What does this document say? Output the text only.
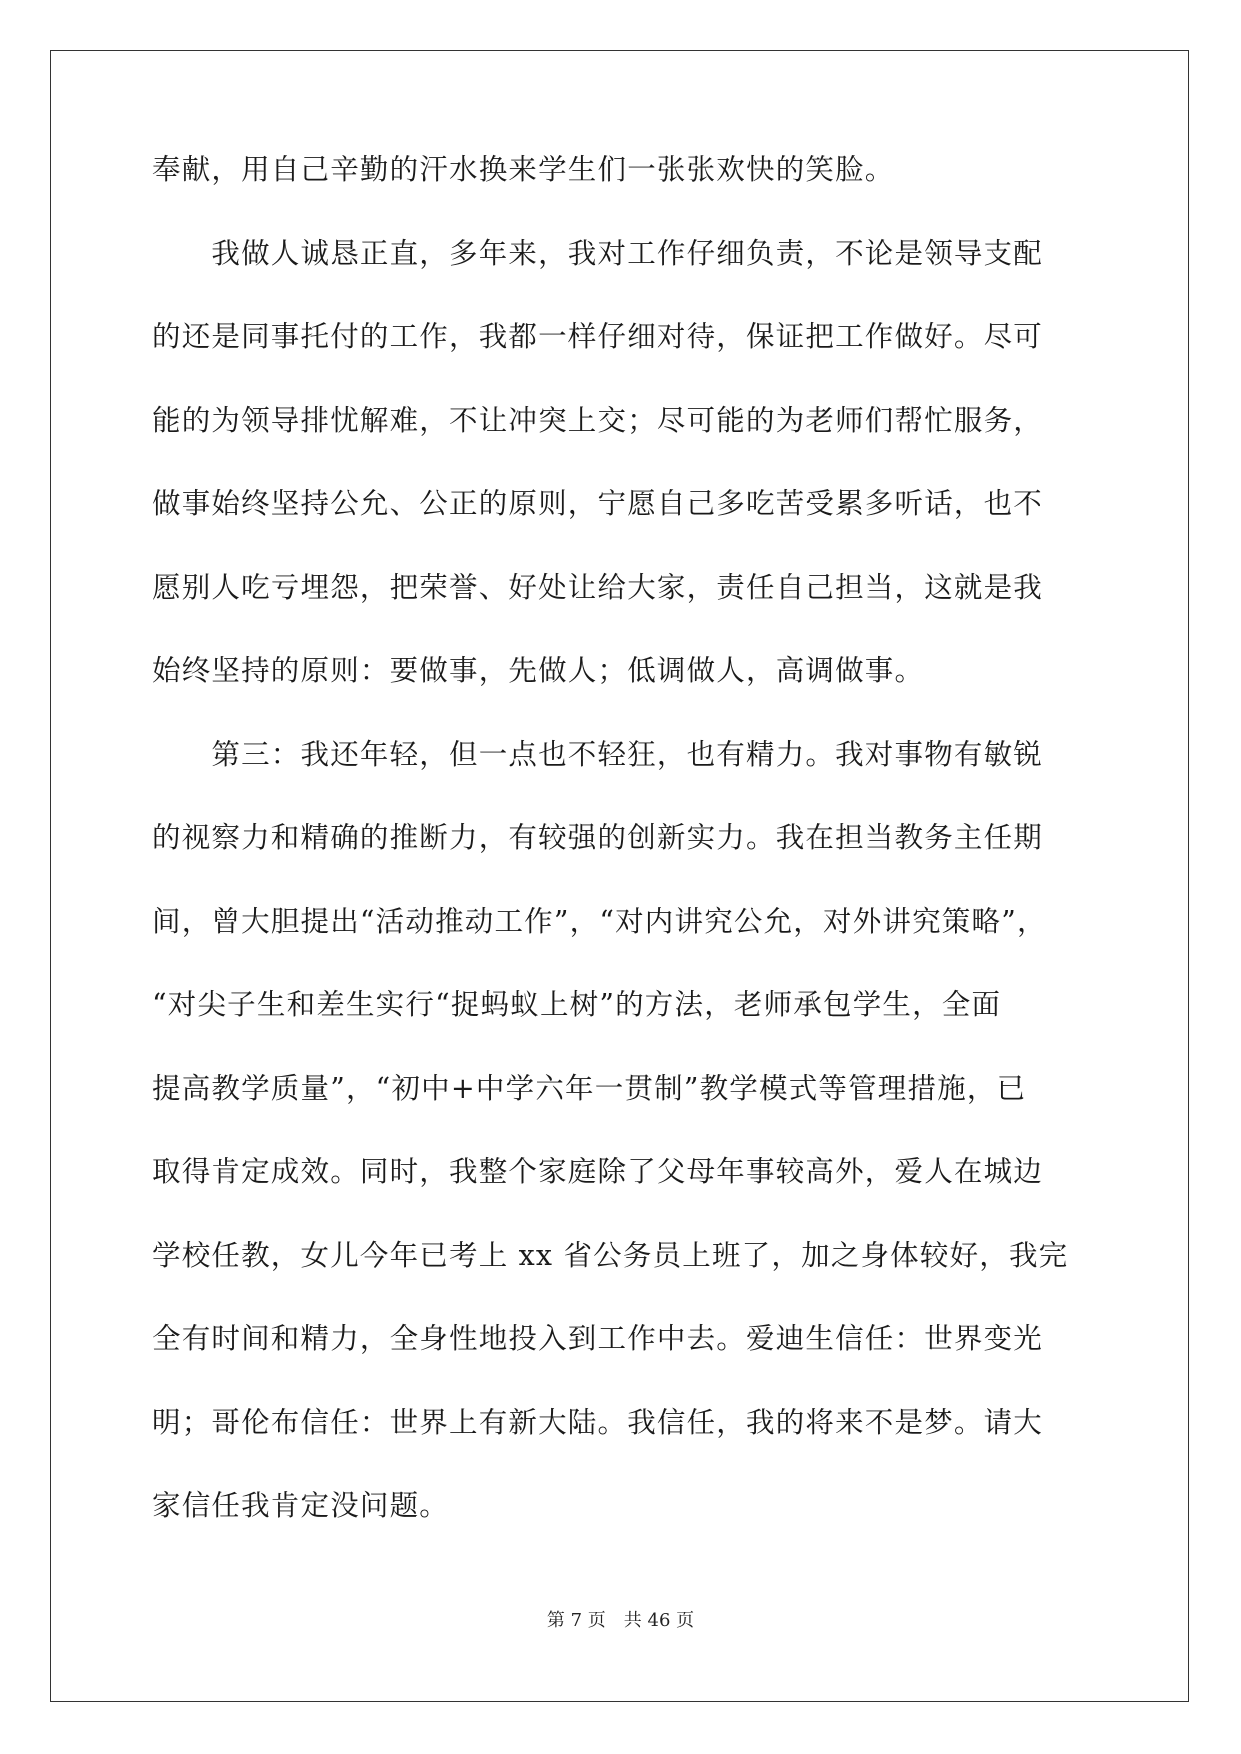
奉献，用自己辛勤的汗水换来学生们一张张欢快的笑脸。
　　我做人诚恳正直，多年来，我对工作仔细负责，不论是领导支配
的还是同事托付的工作，我都一样仔细对待，保证把工作做好。尽可
能的为领导排忧解难，不让冲突上交；尽可能的为老师们帮忙服务，
做事始终坚持公允、公正的原则，宁愿自己多吃苦受累多听话，也不
愿别人吃亏埋怨，把荣誉、好处让给大家，责任自己担当，这就是我
始终坚持的原则：要做事，先做人；低调做人，高调做事。
　　第三：我还年轻，但一点也不轻狂，也有精力。我对事物有敏锐
的视察力和精确的推断力，有较强的创新实力。我在担当教务主任期
间，曾大胆提出“活动推动工作”，“对内讲究公允，对外讲究策略”，
“对尖子生和差生实行“捉蚂蚁上树”的方法，老师承包学生，全面
提高教学质量”，“初中+中学六年一贯制”教学模式等管理措施，已
取得肯定成效。同时，我整个家庭除了父母年事较高外，爱人在城边
学校任教，女儿今年已考上 xx 省公务员上班了，加之身体较好，我完
全有时间和精力，全身性地投入到工作中去。爱迪生信任：世界变光
明；哥伦布信任：世界上有新大陆。我信任，我的将来不是梦。请大
家信任我肯定没问题。

第 7 页 共 46 页
